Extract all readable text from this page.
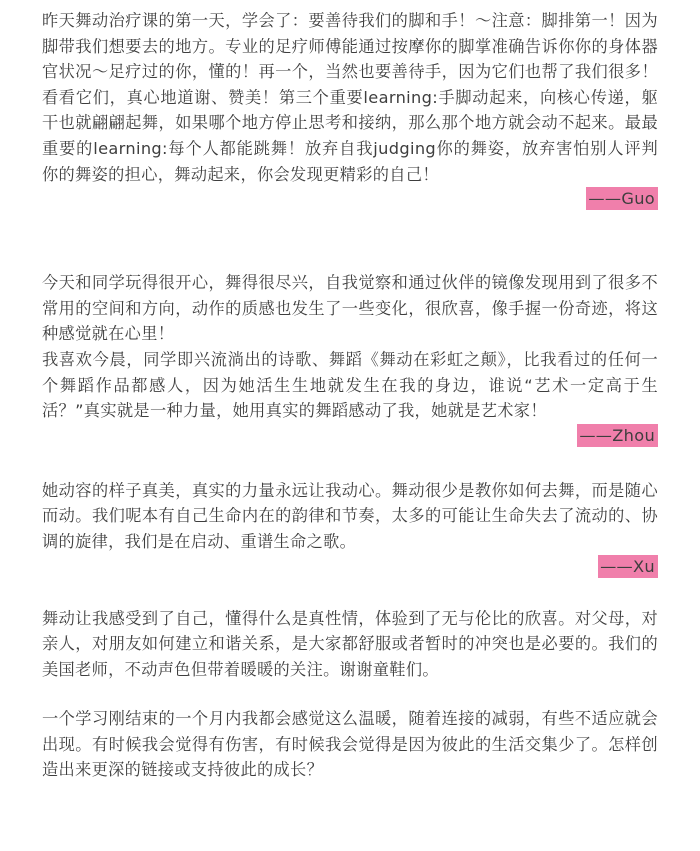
昨天舞动治疗课的第一天，学会了：要善待我们的脚和手！〜注意：脚排第一！因为脚带我们想要去的地方。专业的足疗师傅能通过按摩你的脚掌准确告诉你你的身体器官状况〜足疗过的你，懂的！再一个，当然也要善待手，因为它们也帮了我们很多！看看它们，真心地道谢、赞美！第三个重要learning:手脚动起来，向核心传递，躯干也就翩翩起舞，如果哪个地方停止思考和接纳，那么那个地方就会动不起来。最最重要的learning:每个人都能跳舞！放弃自我judging你的舞姿，放弃害怕别人评判你的舞姿的担心，舞动起来，你会发现更精彩的自己！

——Guo

今天和同学玩得很开心，舞得很尽兴，自我觉察和通过伙伴的镜像发现用到了很多不常用的空间和方向，动作的质感也发生了一些变化，很欣喜，像手握一份奇迹，将这种感觉就在心里！
我喜欢今晨，同学即兴流淌出的诗歌、舞蹈《舞动在彩虹之颠》，比我看过的任何一个舞蹈作品都感人，因为她活生生地就发生在我的身边，谁说“艺术一定高于生活？”真实就是一种力量，她用真实的舞蹈感动了我，她就是艺术家！

——Zhou

她动容的样子真美，真实的力量永远让我动心。舞动很少是教你如何去舞，而是随心而动。我们呢本有自己生命内在的韵律和节奏，太多的可能让生命失去了流动的、协调的旋律，我们是在启动、重谱生命之歌。

——Xu

舞动让我感受到了自己，懂得什么是真性情，体验到了无与伦比的欣喜。对父母，对亲人，对朋友如何建立和谐关系，是大家都舒服或者暂时的冲突也是必要的。我们的美国老师，不动声色但带着暖暖的关注。谢谢童鞋们。

一个学习刚结束的一个月内我都会感觉这么温暖，随着连接的减弱，有些不适应就会出现。有时候我会觉得有伤害，有时候我会觉得是因为彼此的生活交集少了。怎样创造出来更深的链接或支持彼此的成长？
